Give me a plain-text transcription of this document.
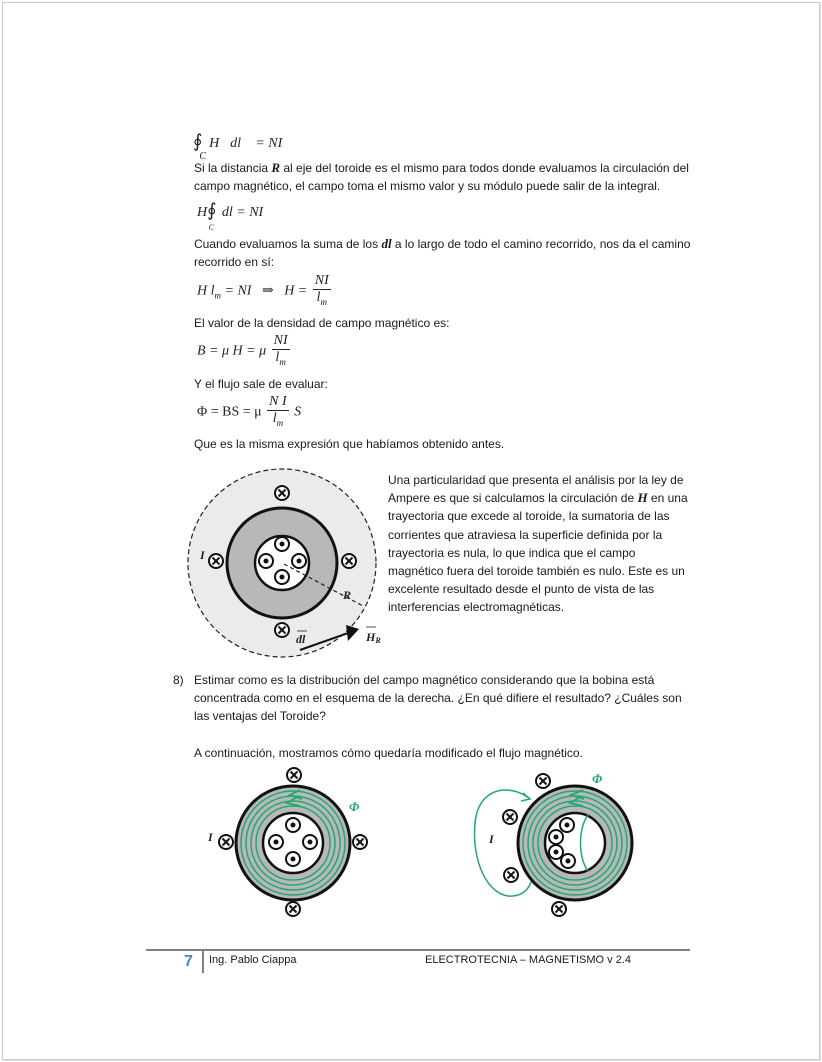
$∮_CH⃗dl⃗$ = NI
Si la distancia R al eje del toroide es el mismo para todos donde evaluamos la circulación del
campo magnético, el campo toma el mismo valor y su módulo puede salir de la integral.
$H∮_Cdl$ = NI
Cuando evaluamos la suma de los dl a lo largo de todo el camino recorrido, nos da el camino
recorrido en sí:
H $l_m$ = NI ⇒ $H = \frac{NI}{l_m}$
El valor de la densidad de campo magnético es:
B = μ H = μ $\frac{NI}{l_m}$
Y el flujo sale de evaluar:
Φ = BS = μ $\frac{\text{N I}}{l_m}$ S
Que es la misma expresión que habíamos obtenido antes.
R
I
dl	HR
Una particularidad que presenta el análisis por la ley de
Ampere es que si calculamos la circulación de H en una
trayectoria que excede al toroide, la sumatoria de las
corrientes que atraviesa la superficie definida por la
trayectoria es nula, lo que indica que el campo
magnético fuera del toroide también es nulo. Este es un
excelente resultado desde el punto de vista de las
interferencias electromagnéticas.
8) Estimar como es la distribución del campo magnético considerando que la bobina está
concentrada como en el esquema de la derecha. ¿En qué difiere el resultado? ¿Cuáles son
las ventajas del Toroide?
A continuación, mostramos cómo quedaría modificado el flujo magnético.
I
Φ
I
Φ
7 Ing. Pablo Ciappa	ELECTROTECNIA – MAGNETISMO v 2.4
